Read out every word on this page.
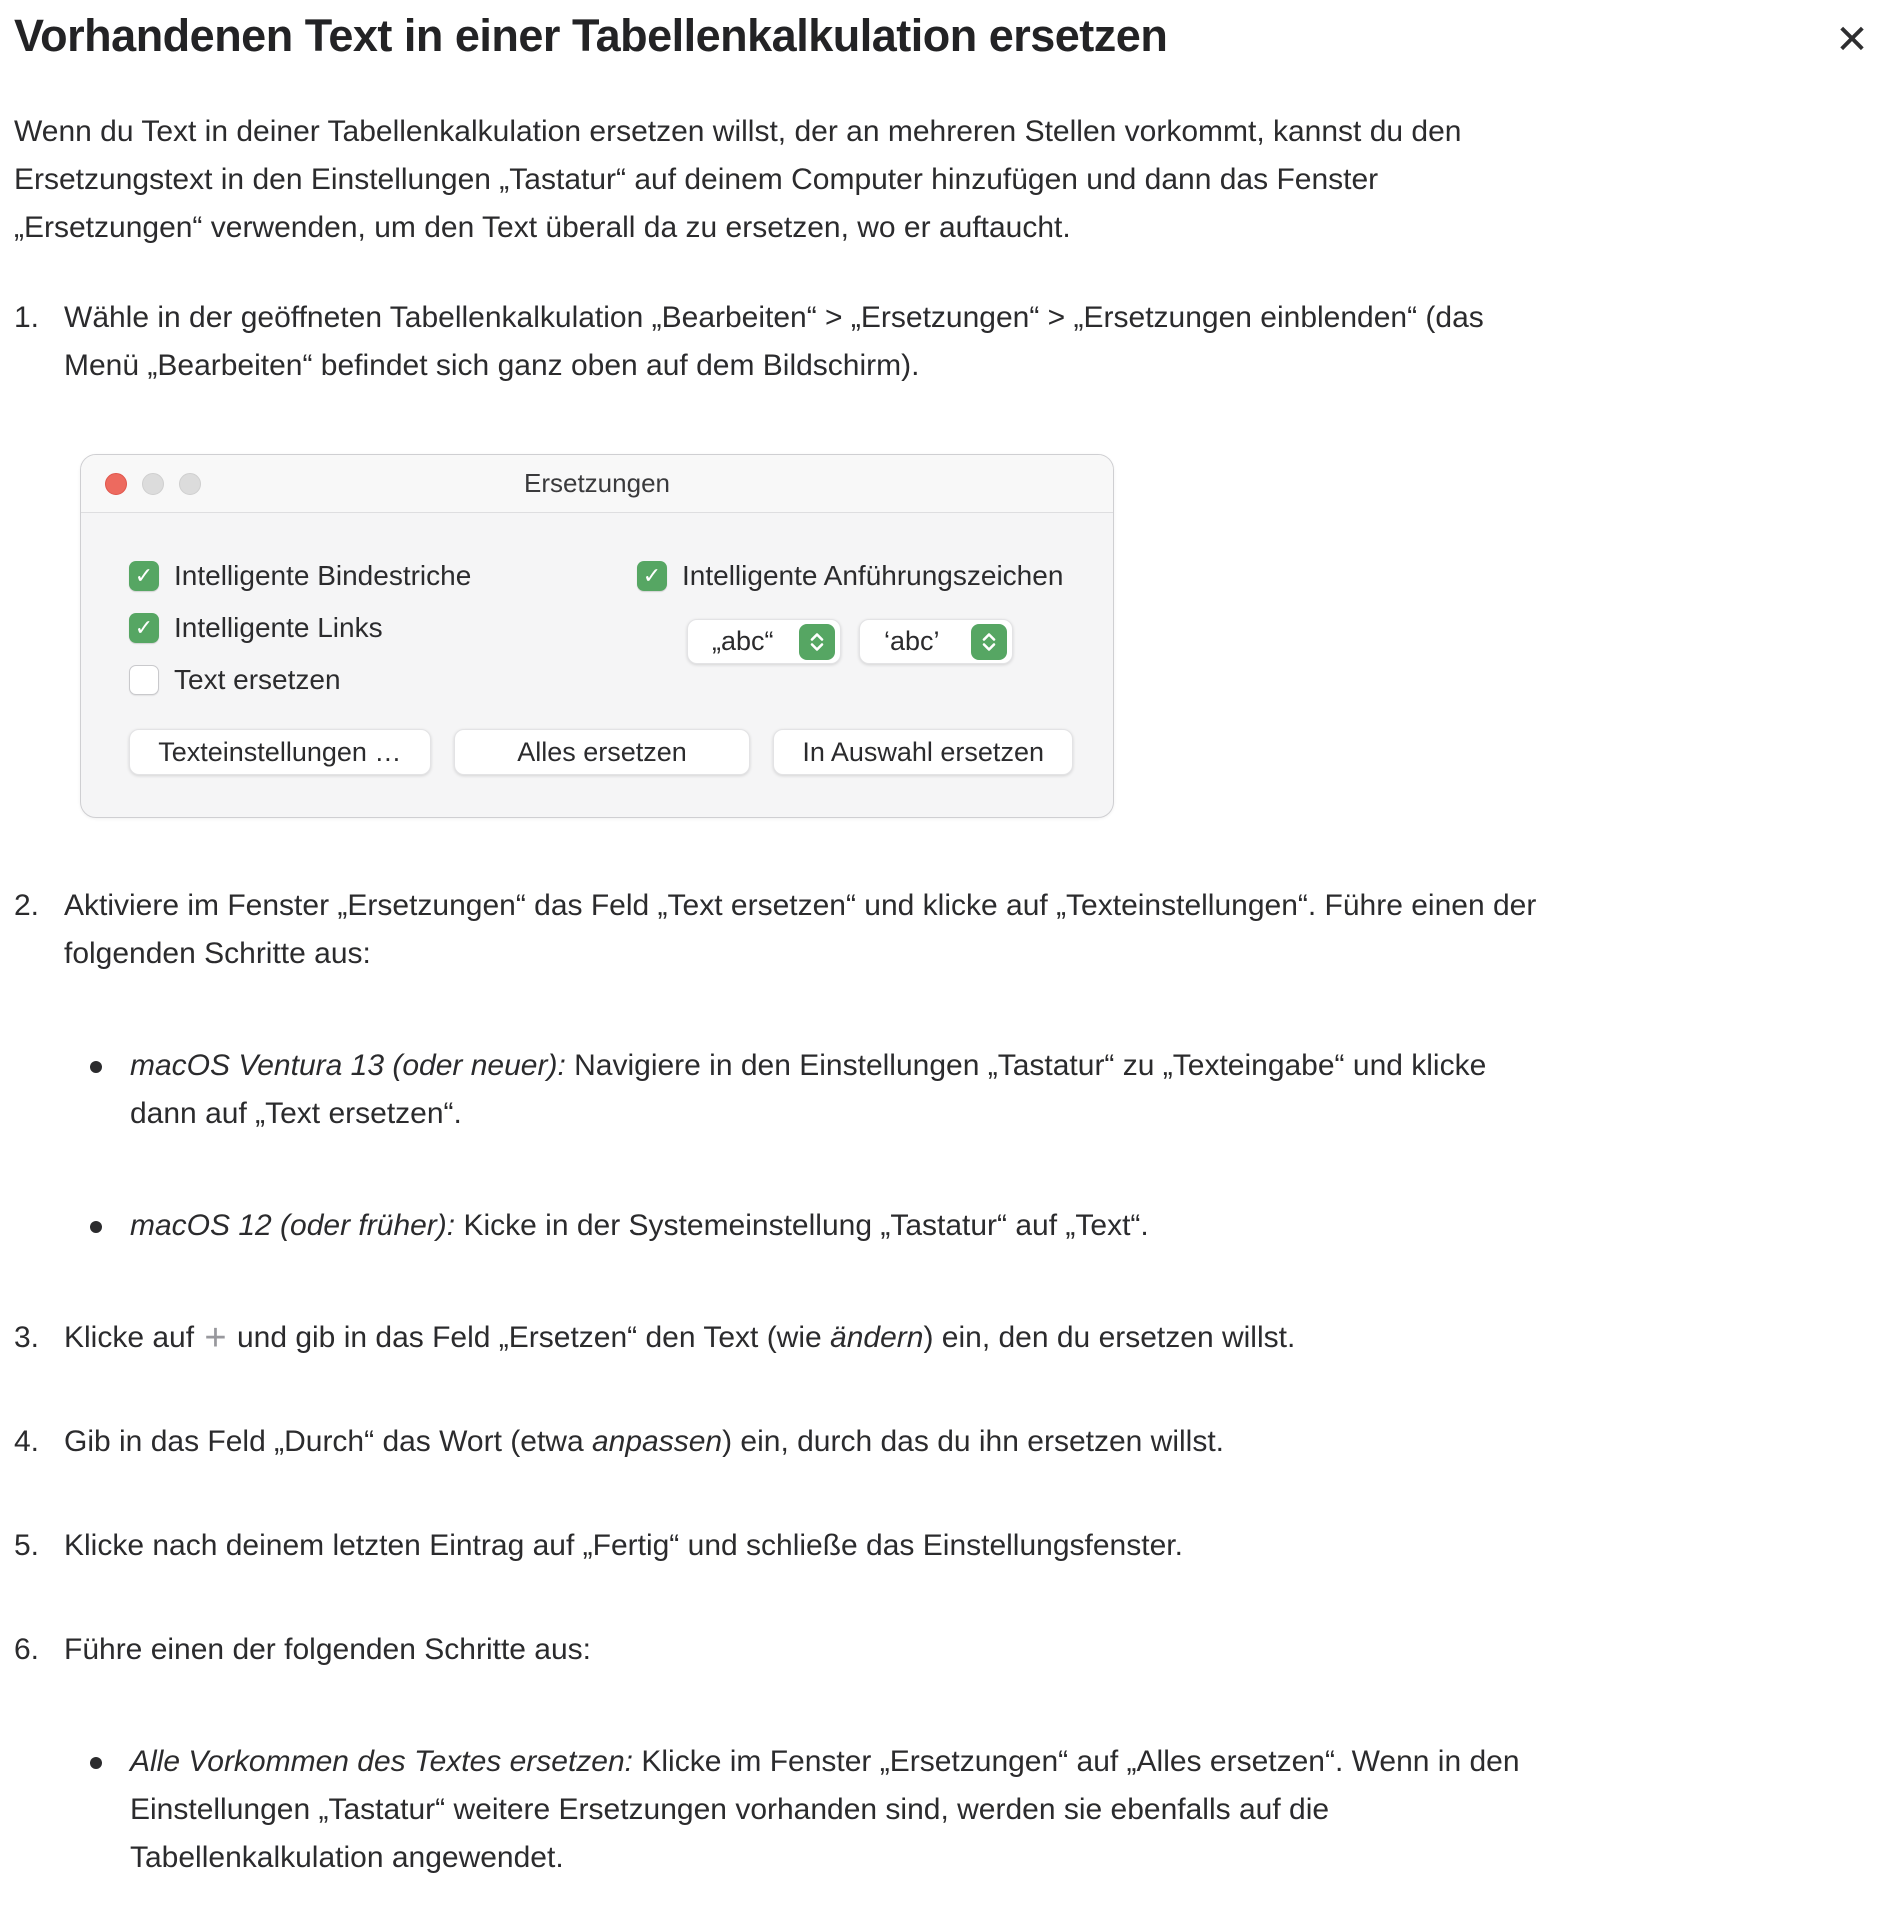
Vorhandenen Text in einer Tabellenkalkulation ersetzen	✕

Wenn du Text in deiner Tabellenkalkulation ersetzen willst, der an mehreren Stellen vorkommt, kannst du den Ersetzungstext in den Einstellungen „Tastatur“ auf deinem Computer hinzufügen und dann das Fenster „Ersetzungen“ verwenden, um den Text überall da zu ersetzen, wo er auftaucht.

1. Wähle in der geöffneten Tabellenkalkulation „Bearbeiten“ > „Ersetzungen“ > „Ersetzungen einblenden“ (das Menü „Bearbeiten“ befindet sich ganz oben auf dem Bildschirm).
Ersetzungen
✓ Intelligente Bindestriche
✓ Intelligente Links
Text ersetzen
✓ Intelligente Anführungszeichen
„abc“	‘abc’
Texteinstellungen …	Alles ersetzen	In Auswahl ersetzen
2. Aktiviere im Fenster „Ersetzungen“ das Feld „Text ersetzen“ und klicke auf „Texteinstellungen“. Führe einen der folgenden Schritte aus:
macOS Ventura 13 (oder neuer): Navigiere in den Einstellungen „Tastatur“ zu „Texteingabe“ und klicke dann auf „Text ersetzen“.
macOS 12 (oder früher): Kicke in der Systemeinstellung „Tastatur“ auf „Text“.
3. Klicke auf + und gib in das Feld „Ersetzen“ den Text (wie ändern) ein, den du ersetzen willst.
4. Gib in das Feld „Durch“ das Wort (etwa anpassen) ein, durch das du ihn ersetzen willst.
5. Klicke nach deinem letzten Eintrag auf „Fertig“ und schließe das Einstellungsfenster.
6. Führe einen der folgenden Schritte aus:
Alle Vorkommen des Textes ersetzen: Klicke im Fenster „Ersetzungen“ auf „Alles ersetzen“. Wenn in den Einstellungen „Tastatur“ weitere Ersetzungen vorhanden sind, werden sie ebenfalls auf die Tabellenkalkulation angewendet.
